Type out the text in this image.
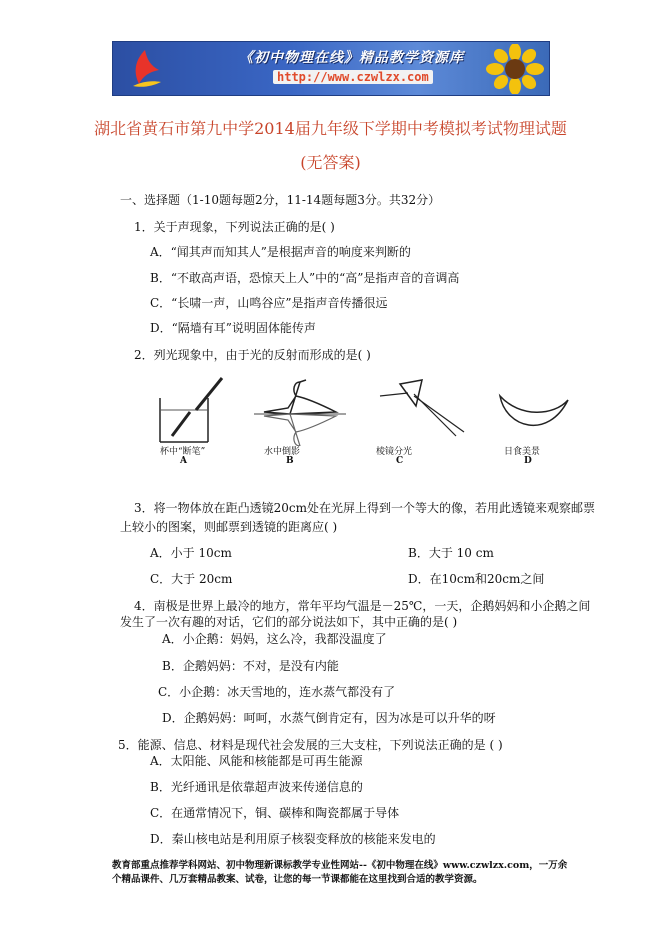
《初中物理在线》精品教学资源库
http://www.czwlzx.com
湖北省黄石市第九中学2014届九年级下学期中考模拟考试物理试题
(无答案)
一、选择题（1-10题每题2分，11-14题每题3分。共32分）
1．关于声现象，下列说法正确的是( )
A．“闻其声而知其人”是根据声音的响度来判断的
B．“不敢高声语，恐惊天上人”中的“高”是指声音的音调高
C．“长啸一声，山鸣谷应”是指声音传播很远
D．“隔墙有耳”说明固体能传声
2．列光现象中，由于光的反射而形成的是( )
杯中“断笔”
A
水中倒影
B
棱镜分光
C
日食美景
D
3．将一物体放在距凸透镜20cm处在光屏上得到一个等大的像，若用此透镜来观察邮票
上较小的图案，则邮票到透镜的距离应( )
A．小于 10cm	B．大于 10 cm
C．大于 20cm	D．在10cm和20cm之间
4．南极是世界上最冷的地方，常年平均气温是－25℃，一天，企鹅妈妈和小企鹅之间
发生了一次有趣的对话，它们的部分说法如下，其中正确的是( )
A．小企鹅：妈妈，这么冷，我都没温度了
B．企鹅妈妈：不对，是没有内能
C．小企鹅：冰天雪地的，连水蒸气都没有了
D．企鹅妈妈：呵呵，水蒸气倒肯定有，因为冰是可以升华的呀
5．能源、信息、材料是现代社会发展的三大支柱，下列说法正确的是 ( )
A．太阳能、风能和核能都是可再生能源
B．光纤通讯是依靠超声波来传递信息的
C．在通常情况下，铜、碳棒和陶瓷都属于导体
D．秦山核电站是利用原子核裂变释放的核能来发电的
教育部重点推荐学科网站、初中物理新课标教学专业性网站--《初中物理在线》www.czwlzx.com，一万余
个精品课件、几万套精品教案、试卷，让您的每一节课都能在这里找到合适的教学资源。
